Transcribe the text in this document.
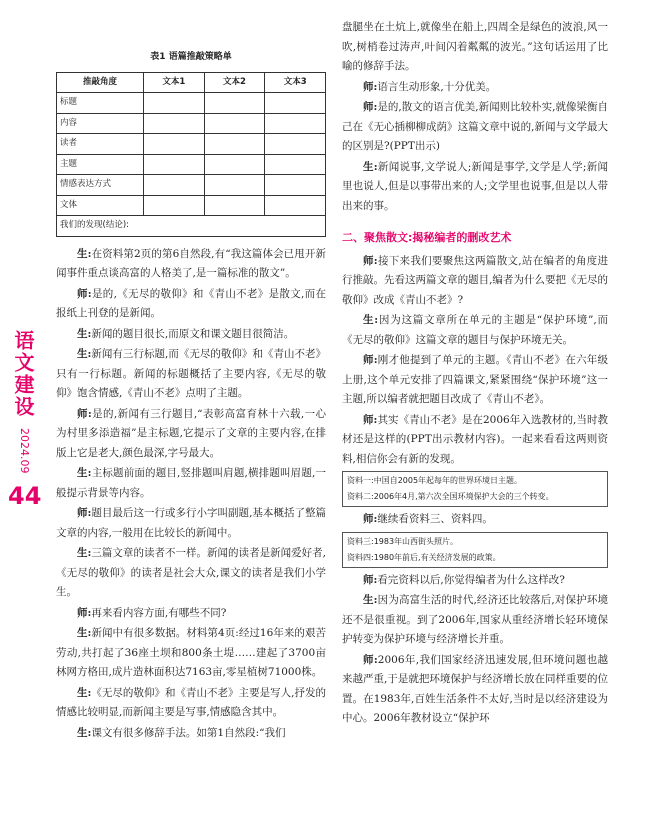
语文建设
2024.09
44
表1 语篇推敲策略单
推敲角度	文本1	文本2	文本3
标题			
内容			
读者			
主题			
情感表达方式			
文体			
我们的发现(结论):			

生:在资料第2页的第6自然段,有“我这篇体会已甩开新闻事件重点谈高富的人格美了,是一篇标准的散文”。

师:是的,《无尽的敬仰》和《青山不老》是散文,而在报纸上刊登的是新闻。

生:新闻的题目很长,而原文和课文题目很简洁。

生:新闻有三行标题,而《无尽的敬仰》和《青山不老》只有一行标题。新闻的标题概括了主要内容,《无尽的敬仰》饱含情感,《青山不老》点明了主题。

师:是的,新闻有三行题目,“表彰高富育林十六载,一心为村里多添造福”是主标题,它提示了文章的主要内容,在排版上它是老大,颜色最深,字号最大。

生:主标题前面的题目,竖排题叫肩题,横排题叫眉题,一般提示背景等内容。

师:题目最后这一行或多行小字叫副题,基本概括了整篇文章的内容,一般用在比较长的新闻中。

生:三篇文章的读者不一样。新闻的读者是新闻爱好者,《无尽的敬仰》的读者是社会大众,课文的读者是我们小学生。

师:再来看内容方面,有哪些不同?

生:新闻中有很多数据。材料第4页:经过16年来的艰苦劳动,共打起了36座土坝和800条土堤……建起了3700亩林网方格田,成片造林面积达7163亩,零星植树71000株。

生:《无尽的敬仰》和《青山不老》主要是写人,抒发的情感比较明显,而新闻主要是写事,情感隐含其中。

生:课文有很多修辞手法。如第1自然段:“我们

盘腿坐在土炕上,就像坐在船上,四周全是绿色的波浪,风一吹,树梢卷过涛声,叶间闪着粼粼的波光。”这句话运用了比喻的修辞手法。

师:语言生动形象,十分优美。

师:是的,散文的语言优美,新闻则比较朴实,就像梁衡自己在《无心插柳柳成荫》这篇文章中说的,新闻与文学最大的区别是?(PPT出示)

生:新闻说事,文学说人;新闻是事学,文学是人学;新闻里也说人,但是以事带出来的人;文学里也说事,但是以人带出来的事。

二、聚焦散文:揭秘编者的删改艺术

师:接下来我们要聚焦这两篇散文,站在编者的角度进行推敲。先看这两篇文章的题目,编者为什么要把《无尽的敬仰》改成《青山不老》?

生:因为这篇文章所在单元的主题是“保护环境”,而《无尽的敬仰》这篇文章的题目与保护环境无关。

师:刚才他提到了单元的主题。《青山不老》在六年级上册,这个单元安排了四篇课文,紧紧围绕“保护环境”这一主题,所以编者就把题目改成了《青山不老》。

师:其实《青山不老》是在2006年入选教材的,当时教材还是这样的(PPT出示教材内容)。一起来看看这两则资料,相信你会有新的发现。

资料一:中国自2005年起每年的世界环境日主题。
资料二:2006年4月,第六次全国环境保护大会的三个转变。

师:继续看资料三、资料四。

资料三:1983年山西街头照片。
资料四:1980年前后,有关经济发展的政策。

师:看完资料以后,你觉得编者为什么这样改?

生:因为高富生活的时代,经济还比较落后,对保护环境还不是很重视。到了2006年,国家从重经济增长轻环境保护转变为保护环境与经济增长并重。

师:2006年,我们国家经济迅速发展,但环境问题也越来越严重,于是就把环境保护与经济增长放在同样重要的位置。在1983年,百姓生活条件不太好,当时是以经济建设为中心。2006年教材设立“保护环
